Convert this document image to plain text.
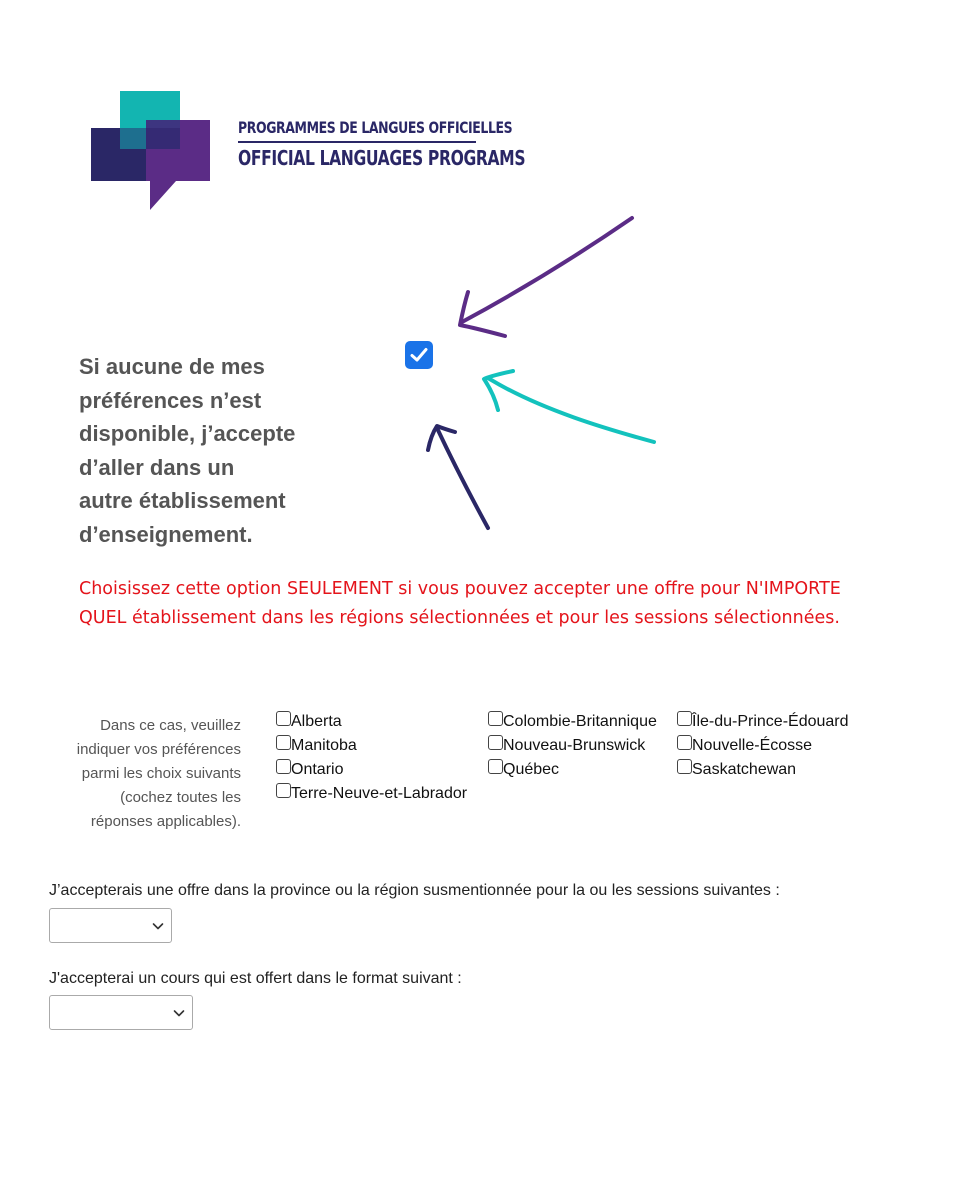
PROGRAMMES DE LANGUES OFFICIELLES
OFFICIAL LANGUAGES PROGRAMS
Si aucune de mes
préférences n’est
disponible, j’accepte
d’aller dans un
autre établissement
d’enseignement.
Choisissez cette option SEULEMENT si vous pouvez accepter une offre pour N'IMPORTE QUEL établissement dans les régions sélectionnées et pour les sessions sélectionnées.
Dans ce cas, veuillez indiquer vos préférences parmi les choix suivants (cochez toutes les réponses applicables).
Alberta	Colombie-Britannique Île-du-Prince-Édouard
Manitoba	Nouveau-Brunswick	Nouvelle-Écosse
Ontario	Québec	Saskatchewan
Terre-Neuve-et-Labrador
J’accepterais une offre dans la province ou la région susmentionnée pour la ou les sessions suivantes :
J'accepterai un cours qui est offert dans le format suivant :
